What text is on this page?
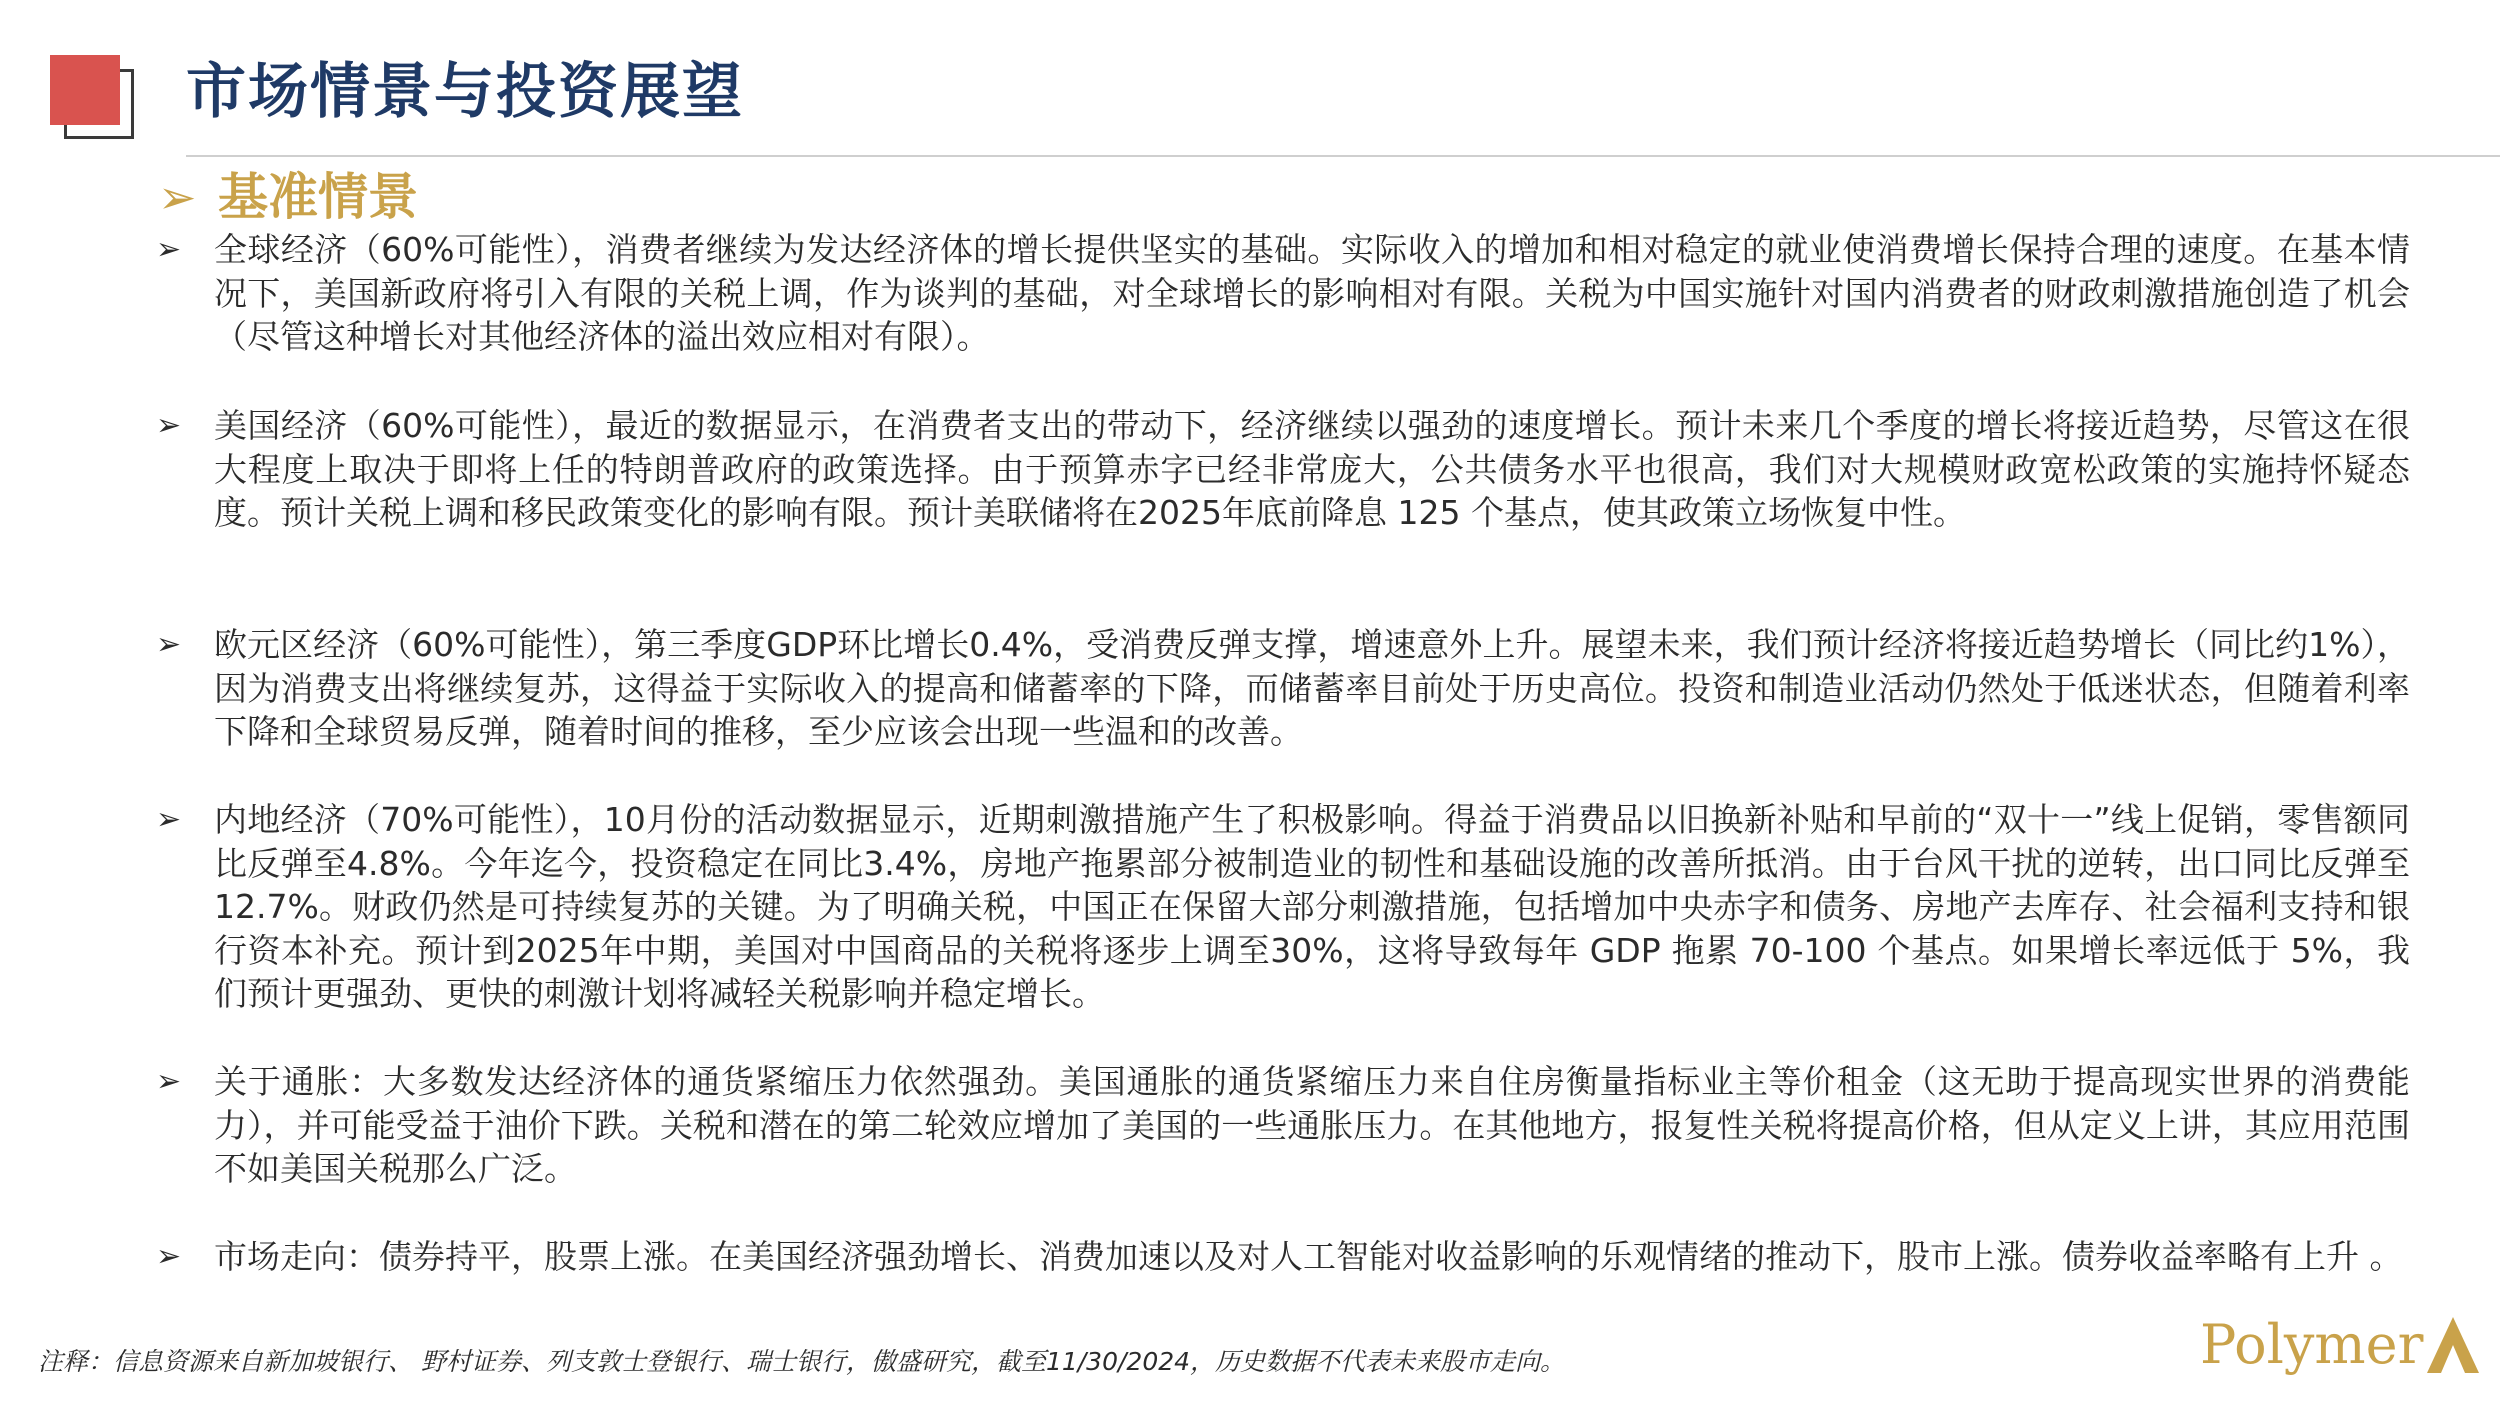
市场情景与投资展望
➢ 基准情景
➢ 全球经济（60%可能性），消费者继续为发达经济体的增长提供坚实的基础。实际收入的增加和相对稳定的就业使消费增长保持合理的速度。在基本情况下，美国新政府将引入有限的关税上调，作为谈判的基础，对全球增长的影响相对有限。关税为中国实施针对国内消费者的财政刺激措施创造了机会（尽管这种增长对其他经济体的溢出效应相对有限）。
➢ 美国经济（60%可能性），最近的数据显示，在消费者支出的带动下，经济继续以强劲的速度增长。预计未来几个季度的增长将接近趋势，尽管这在很大程度上取决于即将上任的特朗普政府的政策选择。由于预算赤字已经非常庞大，公共债务水平也很高，我们对大规模财政宽松政策的实施持怀疑态度。预计关税上调和移民政策变化的影响有限。预计美联储将在2025年底前降息 125 个基点，使其政策立场恢复中性。
➢ 欧元区经济（60%可能性），第三季度GDP环比增长0.4%，受消费反弹支撑，增速意外上升。展望未来，我们预计经济将接近趋势增长（同比约1%），因为消费支出将继续复苏，这得益于实际收入的提高和储蓄率的下降，而储蓄率目前处于历史高位。投资和制造业活动仍然处于低迷状态，但随着利率下降和全球贸易反弹，随着时间的推移，至少应该会出现一些温和的改善。
➢ 内地经济（70%可能性），10月份的活动数据显示，近期刺激措施产生了积极影响。得益于消费品以旧换新补贴和早前的“双十一”线上促销，零售额同比反弹至4.8%。今年迄今，投资稳定在同比3.4%，房地产拖累部分被制造业的韧性和基础设施的改善所抵消。由于台风干扰的逆转，出口同比反弹至12.7%。财政仍然是可持续复苏的关键。为了明确关税，中国正在保留大部分刺激措施，包括增加中央赤字和债务、房地产去库存、社会福利支持和银行资本补充。预计到2025年中期，美国对中国商品的关税将逐步上调至30%，这将导致每年 GDP 拖累 70-100 个基点。如果增长率远低于 5%，我们预计更强劲、更快的刺激计划将减轻关税影响并稳定增长。
➢ 关于通胀：大多数发达经济体的通货紧缩压力依然强劲。美国通胀的通货紧缩压力来自住房衡量指标业主等价租金（这无助于提高现实世界的消费能力），并可能受益于油价下跌。关税和潜在的第二轮效应增加了美国的一些通胀压力。在其他地方，报复性关税将提高价格，但从定义上讲，其应用范围不如美国关税那么广泛。
➢ 市场走向：债券持平，股票上涨。在美国经济强劲增长、消费加速以及对人工智能对收益影响的乐观情绪的推动下，股市上涨。债券收益率略有上升 。
注释：信息资源来自新加坡银行、 野村证券、列支敦士登银行、瑞士银行，傲盛研究，截至11/30/2024，历史数据不代表未来股市走向。	Polymer
